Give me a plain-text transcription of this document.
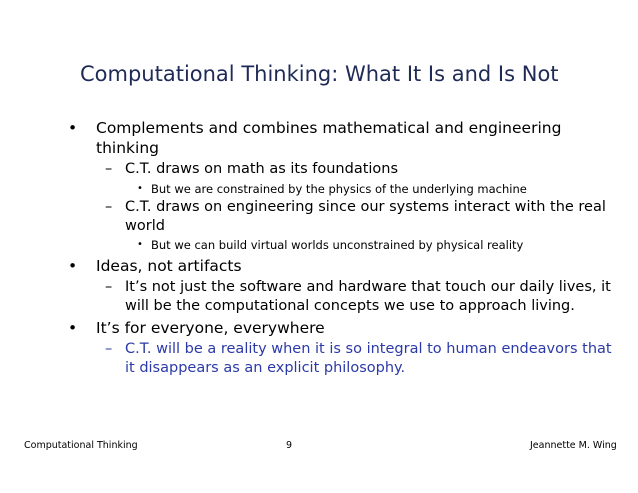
Computational Thinking: What It Is and Is Not
• Complements and combines mathematical and engineering
thinking
– C.T. draws on math as its foundations
• But we are constrained by the physics of the underlying machine
– C.T. draws on engineering since our systems interact with the real
world
• But we can build virtual worlds unconstrained by physical reality
• Ideas, not artifacts
– It’s not just the software and hardware that touch our daily lives, it
will be the computational concepts we use to approach living.
• It’s for everyone, everywhere
– C.T. will be a reality when it is so integral to human endeavors that
it disappears as an explicit philosophy.
Computational Thinking	9	Jeannette M. Wing
